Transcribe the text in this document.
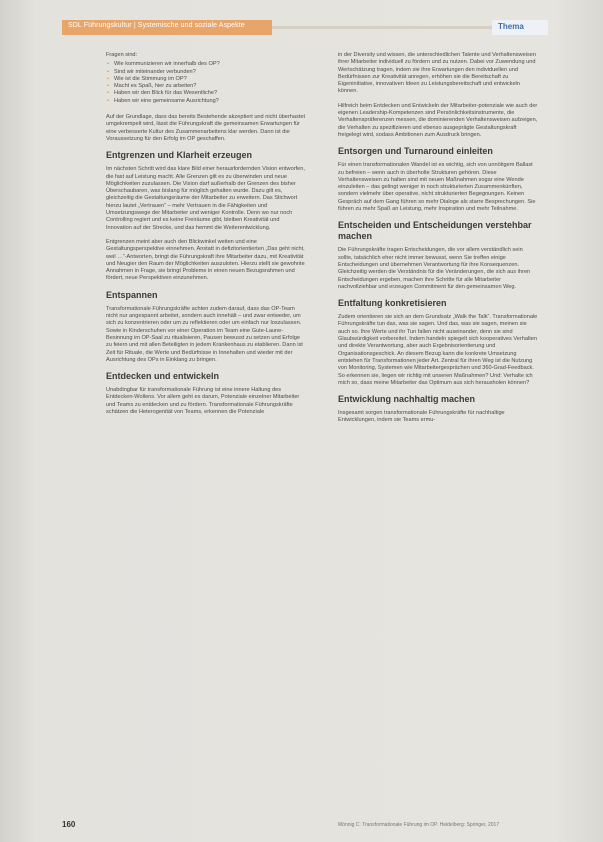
SDL Führungskultur | Systemische und soziale Aspekte	Thema

Fragen sind:

• Wie kommunizieren wir innerhalb des OP?
• Sind wir miteinander verbunden?
• Wie ist die Stimmung im OP?
• Macht es Spaß, hier zu arbeiten?
• Haben wir den Blick für das Wesentliche?
• Haben wir eine gemeinsame Ausrichtung?

Auf der Grundlage, dass das bereits Bestehende akzeptiert und nicht überhastet umgekrempelt wird, lässt die Führungskraft die gemeinsamen Erwartungen für eine verbesserte Kultur des Zusammenarbeitens klar werden. Dann ist die Voraussetzung für den Erfolg im OP geschaffen.

Entgrenzen und Klarheit erzeugen

Im nächsten Schritt wird das klare Bild einer herausfordernden Vision entworfen, die fast auf Leistung macht. Alle Grenzen gilt es zu überwinden und neue Möglichkeiten zuzulassen. Die Vision darf außerhalb der Grenzen des bisher Überschaubaren, was bislang für möglich gehalten wurde. Dazu gilt es, gleichzeitig die Gestaltungsräume der Mitarbeiter zu erweitern. Das Stichwort hierzu lautet „Vertrauen“ – mehr Vertrauen in die Fähigkeiten und Umsetzungswege der Mitarbeiter und weniger Kontrolle. Denn wo nur noch Controlling regiert und es keine Freiräume gibt, bleiben Kreativität und Innovation auf der Strecke, und das hemmt die Weiterentwicklung.

Entgrenzen meint aber auch den Blickwinkel weiten und eine Gestaltungsperspektive einnehmen. Anstatt in defizitorientierten „Das geht nicht, weil …“-Antworten, bringt die Führungskraft ihre Mitarbeiter dazu, mit Kreativität und Neugier den Raum der Möglichkeiten auszuloten. Hierzu stellt sie gewohnte Annahmen in Frage, sie bringt Probleme in einen neuen Bezugsrahmen und fördert, neue Perspektiven einzunehmen.

Entspannen

Transformationale Führungskräfte achten zudem darauf, dass das OP-Team nicht nur angespannt arbeitet, sondern auch innehält – und zwar entweder, um sich zu konzentrieren oder um zu reflektieren oder um einfach nur loszulassen. Sowie in Kinderschuhen vor einer Operation im Team eine Gute-Laune-Besinnung im OP-Saal zu ritualisieren, Pausen bewusst zu setzen und Erfolge zu feiern und mit allen Beteiligten in jedem Krankenhaus zu etablieren. Dann ist Zeit für Rituale, die Werte und Bedürfnisse in Innehalten und wieder mit der Ausrichtung des OPs in Einklang zu bringen.

Entdecken und entwickeln

Unabdingbar für transformationale Führung ist eine innere Haltung des Entdecken-Wollens. Vor allem geht es darum, Potenziale einzelner Mitarbeiter und Teams zu entdecken und zu fördern. Transformationale Führungskräfte schätzen die Heterogenität von Teams, erkennen die Potenziale

in der Diversity und wissen, die unterschiedlichen Talente und Verhaltensweisen ihrer Mitarbeiter individuell zu fördern und zu nutzen. Dabei vor Zuwendung und Wertschätzung tragen, indem sie ihre Erwartungen den individuellen und Bedürfnissen zur Kreativität anregen, erhöhen sie die Bereitschaft zu Eigeninitiative, innovativen Ideen zu Leistungsbereitschaft und entwickeln können.

Hilfreich beim Entdecken und Entwickeln der Mitarbeiter-potenziale wie auch der eigenen Leadership-Kompetenzen sind Persönlichkeitsinstrumente, die Verhaltenspräferenzen messen, die dominierenden Verhaltensweisen aufzeigen, die Verhalten zu spezifizieren und ebenso ausgeprägte Gestaltungskraft freigelegt wird, sodass Ambitionen zum Ausdruck bringen.

Entsorgen und Turnaround einleiten

Für einen transformationalen Wandel ist es wichtig, sich von unnötigem Ballast zu befreien – wenn auch in überholte Strukturen gehören. Diese Verhaltensweisen zu halten sind mit neuen Maßnahmen sogar eine Wende einzuleiten – das gelingt weniger in noch strukturierten Zusammenkünften, sondern vielmehr über operative, nicht strukturierten Begegnungen. Keinen Gespräch auf dem Gang führen so mehr Dialoge als starre Besprechungen. Sie führen zu mehr Spaß an Leistung, mehr Inspiration und mehr Teilnahme.

Entscheiden und Entscheidungen verstehbar machen

Die Führungskräfte tragen Entscheidungen, die vor allem verständlich sein sollte, tatsächlich eher nicht immer bewusst, wenn Sie treffen einige Entscheidungen und übernehmen Verantwortung für ihre Konsequenzen. Gleichzeitig werden die Verständnis für die Veränderungen, die sich aus ihren Entscheidungen ergeben, machen ihre Schritte für alle Mitarbeiter nachvollziehbar und erzeugen Commitment für den gemeinsamen Weg.

Entfaltung konkretisieren

Zudem orientieren sie sich an dem Grundsatz „Walk the Talk“. Transformationale Führungskräfte tun das, was sie sagen. Und das, was sie sagen, meinen sie auch so. Ihre Werte und ihr Tun fallen nicht auseinander, denn sie sind Glaubwürdigkeit vorbereitet. Indem handeln spiegelt sich kooperatives Verhalten und direkte Verantwortung, aber auch Ergebnisorientierung und Organisationsgeschick. An diesem Bezug kann die konkrete Umsetzung entstehen für Transformationen jeder Art. Zentral für ihren Weg ist die Nutzung von Monitoring, Systemen wie Mitarbeitergesprächen und 360-Grad-Feedback. So erkennen sie, liegen wir richtig mit unseren Maßnahmen? Und: Verhalte ich mich so, dass meine Mitarbeiter das Optimum aus sich herausholen können?

Entwicklung nachhaltig machen

Insgesamt sorgen transformationale Führungskräfte für nachhaltige Entwicklungen, indem sie Teams ermu-

160	Mönnig C: Transformationale Führung im OP. Heidelberg: Springer, 2017
